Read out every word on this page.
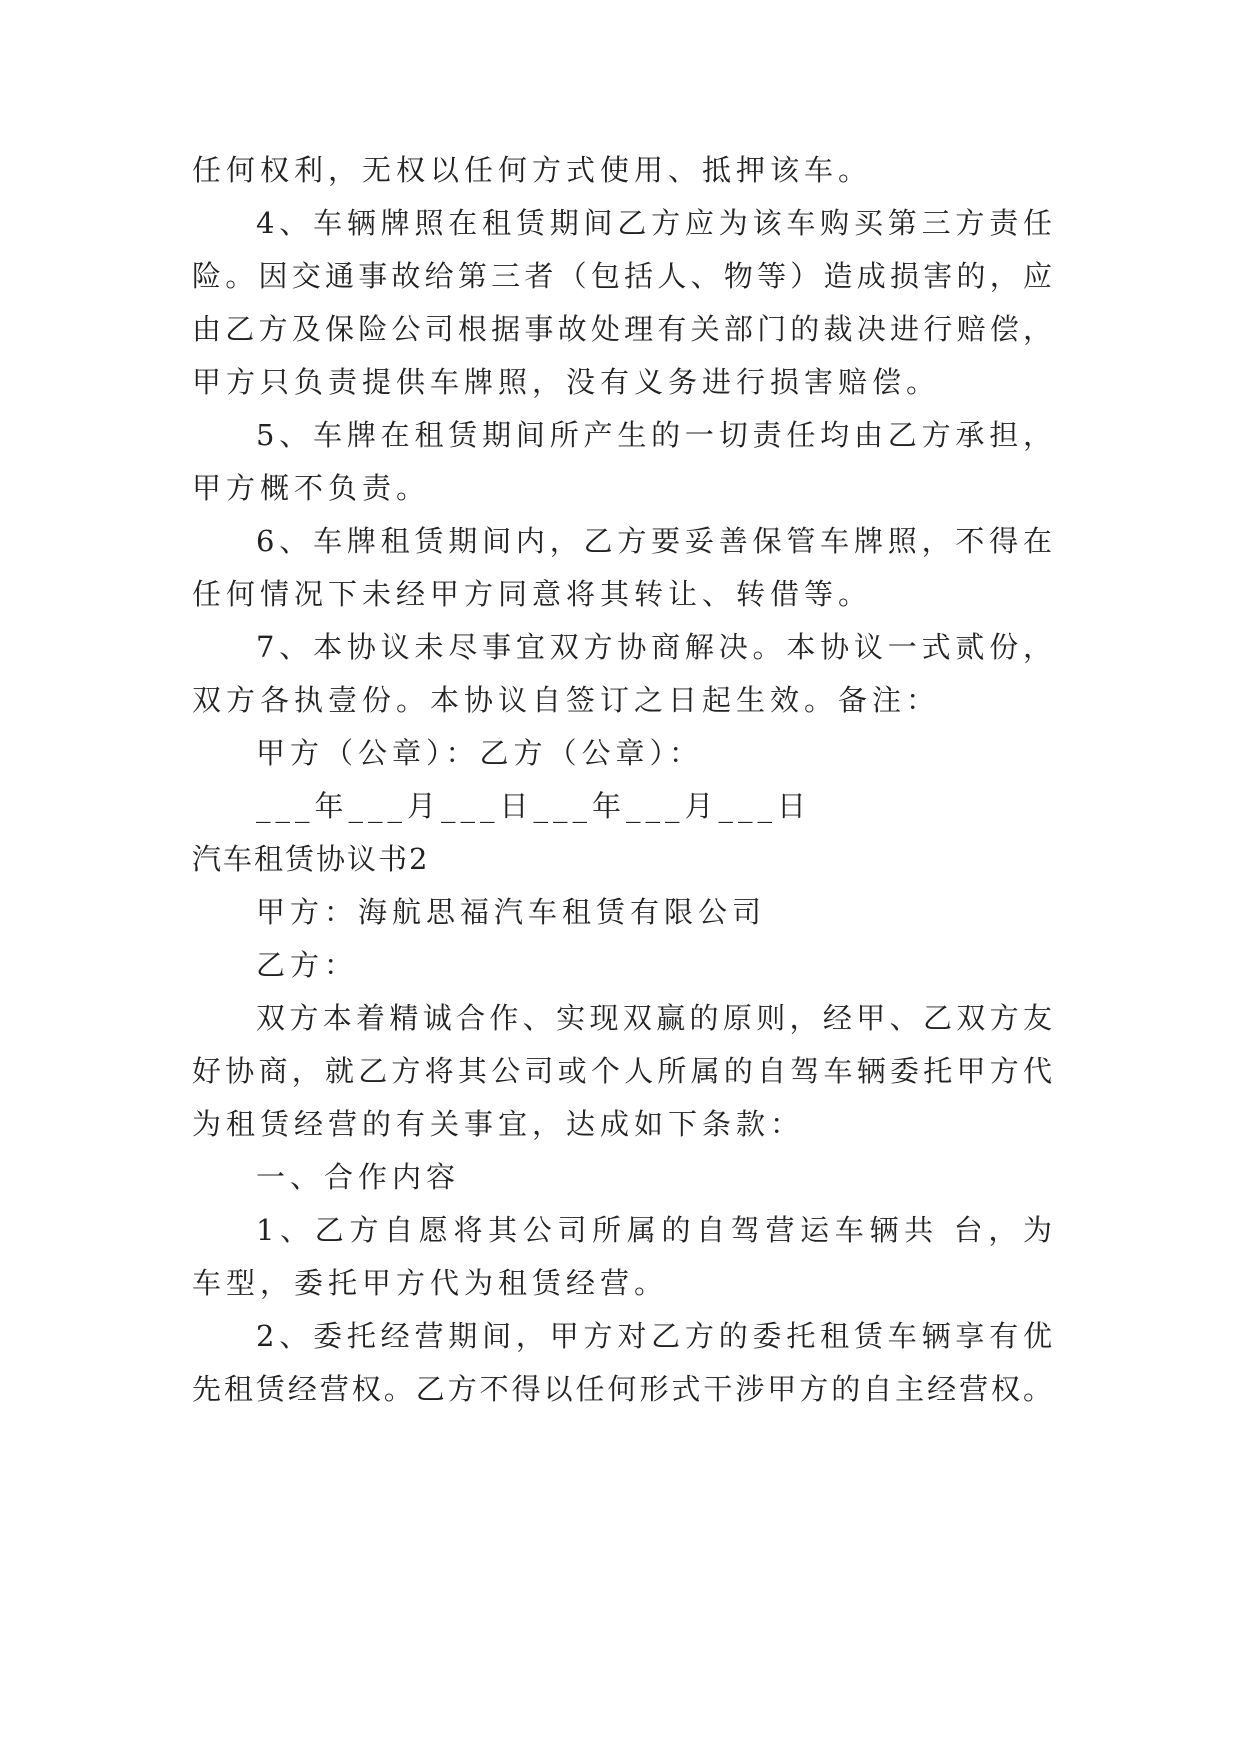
任何权利，无权以任何方式使用、抵押该车。
4、车辆牌照在租赁期间乙方应为该车购买第三方责任
险。因交通事故给第三者（包括人、物等）造成损害的，应
由乙方及保险公司根据事故处理有关部门的裁决进行赔偿，
甲方只负责提供车牌照，没有义务进行损害赔偿。
5、车牌在租赁期间所产生的一切责任均由乙方承担，
甲方概不负责。
6、车牌租赁期间内，乙方要妥善保管车牌照，不得在
任何情况下未经甲方同意将其转让、转借等。
7、本协议未尽事宜双方协商解决。本协议一式贰份，
双方各执壹份。本协议自签订之日起生效。备注：
甲方（公章）：乙方（公章）：
___年___月___日___年___月___日
汽车租赁协议书2
甲方：海航思福汽车租赁有限公司
乙方：
双方本着精诚合作、实现双赢的原则，经甲、乙双方友
好协商，就乙方将其公司或个人所属的自驾车辆委托甲方代
为租赁经营的有关事宜，达成如下条款：
一、合作内容
1、乙方自愿将其公司所属的自驾营运车辆共 台，为
车型，委托甲方代为租赁经营。
2、委托经营期间，甲方对乙方的委托租赁车辆享有优
先租赁经营权。乙方不得以任何形式干涉甲方的自主经营权。
